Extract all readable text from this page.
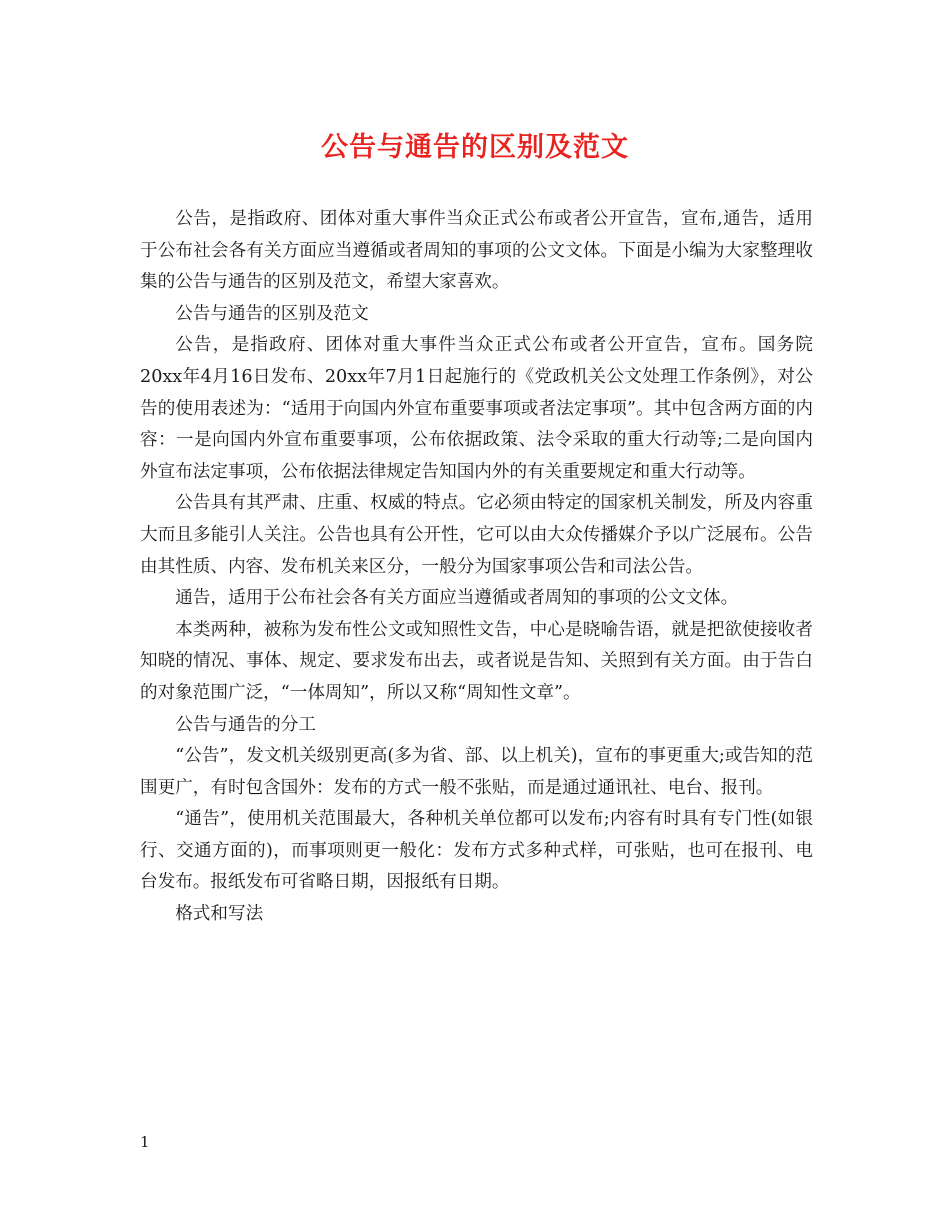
公告与通告的区别及范文

公告，是指政府、团体对重大事件当众正式公布或者公开宣告，宣布,通告，适用于公布社会各有关方面应当遵循或者周知的事项的公文文体。下面是小编为大家整理收集的公告与通告的区别及范文，希望大家喜欢。

公告与通告的区别及范文

公告，是指政府、团体对重大事件当众正式公布或者公开宣告，宣布。国务院20xx年4月16日发布、20xx年7月1日起施行的《党政机关公文处理工作条例》，对公告的使用表述为：“适用于向国内外宣布重要事项或者法定事项”。其中包含两方面的内容：一是向国内外宣布重要事项，公布依据政策、法令采取的重大行动等;二是向国内外宣布法定事项，公布依据法律规定告知国内外的有关重要规定和重大行动等。

公告具有其严肃、庄重、权威的特点。它必须由特定的国家机关制发，所及内容重大而且多能引人关注。公告也具有公开性，它可以由大众传播媒介予以广泛展布。公告由其性质、内容、发布机关来区分，一般分为国家事项公告和司法公告。

通告，适用于公布社会各有关方面应当遵循或者周知的事项的公文文体。

本类两种，被称为发布性公文或知照性文告，中心是晓喻告语，就是把欲使接收者知晓的情况、事体、规定、要求发布出去，或者说是告知、关照到有关方面。由于告白的对象范围广泛，“一体周知”，所以又称“周知性文章”。

公告与通告的分工

“公告”，发文机关级别更高(多为省、部、以上机关)，宣布的事更重大;或告知的范围更广，有时包含国外：发布的方式一般不张贴，而是通过通讯社、电台、报刊。

“通告”，使用机关范围最大，各种机关单位都可以发布;内容有时具有专门性(如银行、交通方面的)，而事项则更一般化：发布方式多种式样，可张贴，也可在报刊、电台发布。报纸发布可省略日期，因报纸有日期。

格式和写法

1
